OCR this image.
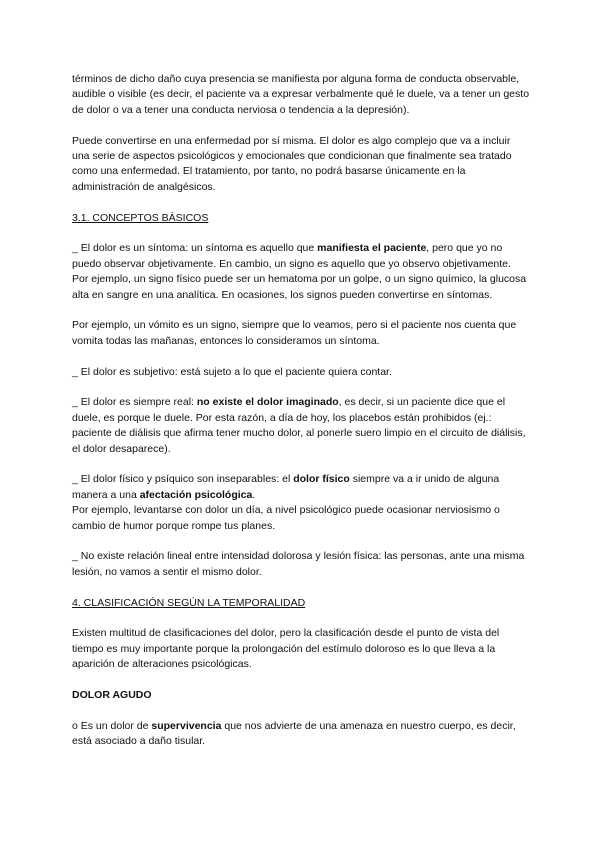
términos de dicho daño cuya presencia se manifiesta por alguna forma de conducta observable, audible o visible (es decir, el paciente va a expresar verbalmente qué le duele, va a tener un gesto de dolor o va a tener una conducta nerviosa o tendencia a la depresión).

Puede convertirse en una enfermedad por sí misma. El dolor es algo complejo que va a incluir una serie de aspectos psicológicos y emocionales que condicionan que finalmente sea tratado como una enfermedad. El tratamiento, por tanto, no podrá basarse únicamente en la administración de analgésicos.

3.1. CONCEPTOS BÁSICOS

_ El dolor es un síntoma: un síntoma es aquello que manifiesta el paciente, pero que yo no puedo observar objetivamente. En cambio, un signo es aquello que yo observo objetivamente.

Por ejemplo, un signo físico puede ser un hematoma por un golpe, o un signo químico, la glucosa alta en sangre en una analítica. En ocasiones, los signos pueden convertirse en síntomas.

Por ejemplo, un vómito es un signo, siempre que lo veamos, pero si el paciente nos cuenta que vomita todas las mañanas, entonces lo consideramos un síntoma.

_ El dolor es subjetivo: está sujeto a lo que el paciente quiera contar.

_ El dolor es siempre real: no existe el dolor imaginado, es decir, si un paciente dice que el duele, es porque le duele. Por esta razón, a día de hoy, los placebos están prohibidos (ej.: paciente de diálisis que afirma tener mucho dolor, al ponerle suero limpio en el circuito de diálisis, el dolor desaparece).

_ El dolor físico y psíquico son inseparables: el dolor físico siempre va a ir unido de alguna manera a una afectación psicológica.

Por ejemplo, levantarse con dolor un día, a nivel psicológico puede ocasionar nerviosismo o cambio de humor porque rompe tus planes.

_ No existe relación lineal entre intensidad dolorosa y lesión física: las personas, ante una misma lesión, no vamos a sentir el mismo dolor.

4. CLASIFICACIÓN SEGÚN LA TEMPORALIDAD

Existen multitud de clasificaciones del dolor, pero la clasificación desde el punto de vista del tiempo es muy importante porque la prolongación del estímulo doloroso es lo que lleva a la aparición de alteraciones psicológicas.

DOLOR AGUDO

o Es un dolor de supervivencia que nos advierte de una amenaza en nuestro cuerpo, es decir, está asociado a daño tisular.
